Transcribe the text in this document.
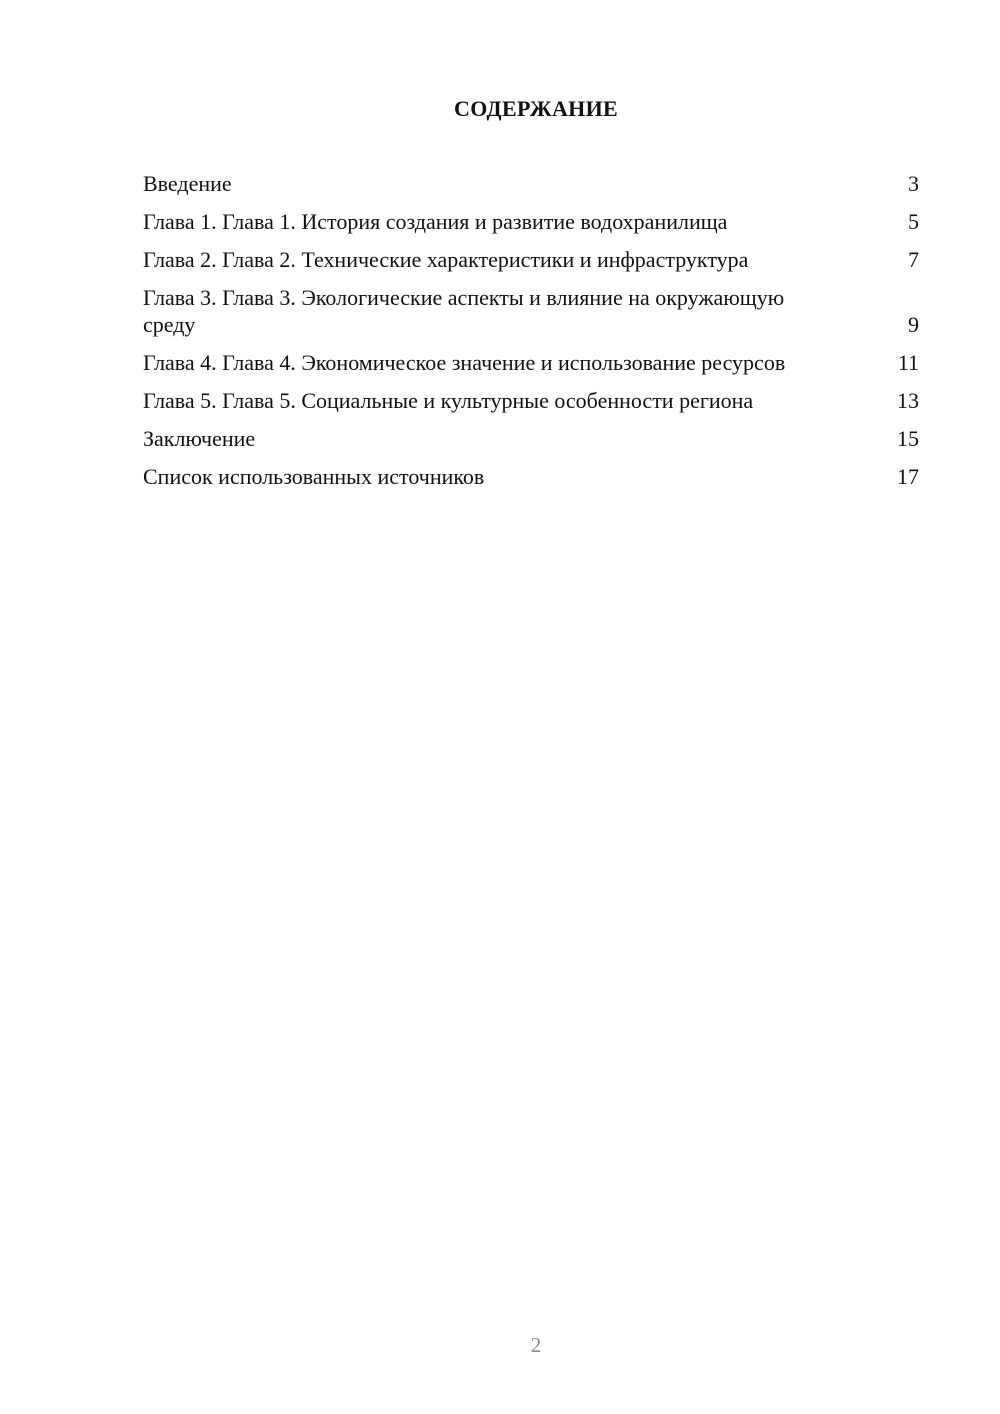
СОДЕРЖАНИЕ
Введение	3
Глава 1. Глава 1. История создания и развитие водохранилища	5
Глава 2. Глава 2. Технические характеристики и инфраструктура	7
Глава 3. Глава 3. Экологические аспекты и влияние на окружающую среду	9
Глава 4. Глава 4. Экономическое значение и использование ресурсов	11
Глава 5. Глава 5. Социальные и культурные особенности региона	13
Заключение	15
Список использованных источников	17
2
